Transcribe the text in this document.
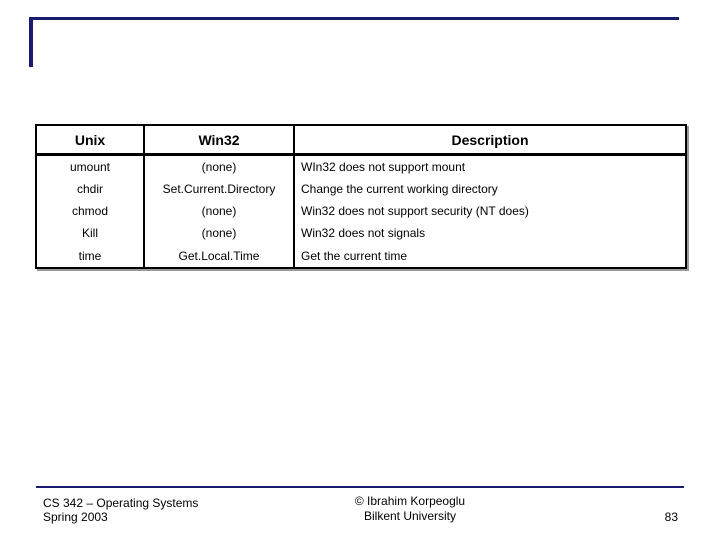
Unix	Win32	Description
umount	(none)	WIn32 does not support mount
chdir	Set.Current.Directory	Change the current working directory
chmod	(none)	Win32 does not support security (NT does)
Kill	(none)	Win32 does not signals
time	Get.Local.Time	Get the current time
CS 342 – Operating Systems
Spring 2003
© Ibrahim Korpeoglu
Bilkent University	83
